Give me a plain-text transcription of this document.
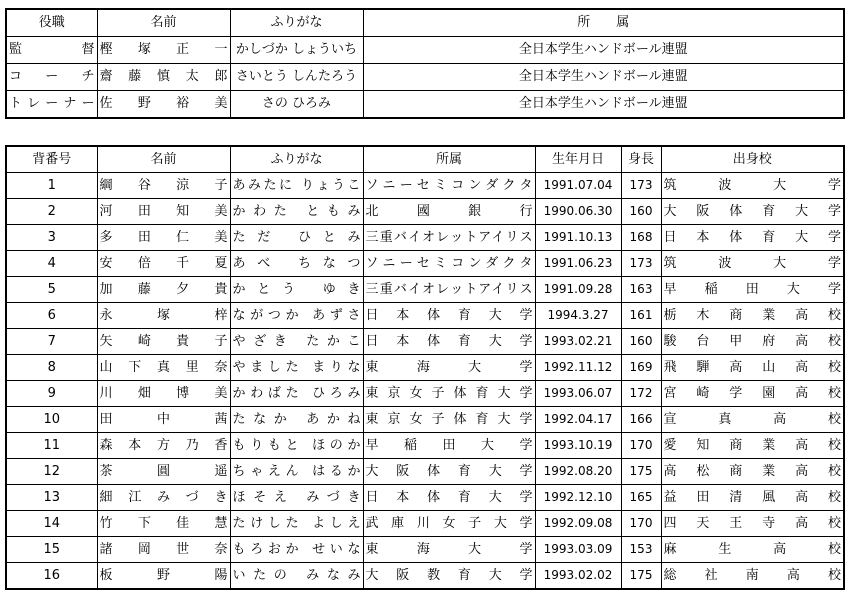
役職	名前	ふりがな	所　　属
監督	樫塚正一	かしづか しょういち	全日本学生ハンドボール連盟
コーチ	齋藤慎太郎	さいとう しんたろう	全日本学生ハンドボール連盟
トレーナー	佐野裕美	さの ひろみ	全日本学生ハンドボール連盟
背番号	名前	ふりがな	所属	生年月日	身長	出身校
1	綱谷涼子	あみたに りょうこ	ソニーセミコンダクタ	1991.07.04	173	筑波大学
2	河田知美	かわた ともみ	北國銀行	1990.06.30	160	大阪体育大学
3	多田仁美	ただ ひとみ	三重バイオレットアイリス	1991.10.13	168	日本体育大学
4	安倍千夏	あべ ちなつ	ソニーセミコンダクタ	1991.06.23	173	筑波大学
5	加藤夕貴	かとう ゆき	三重バイオレットアイリス	1991.09.28	163	早稲田大学
6	永塚梓	ながつか あずさ	日本体育大学	1994.3.27	161	栃木商業高校
7	矢崎貴子	やざき たかこ	日本体育大学	1993.02.21	160	駿台甲府高校
8	山下真里奈	やました まりな	東海大学	1992.11.12	169	飛騨高山高校
9	川畑博美	かわばた ひろみ	東京女子体育大学	1993.06.07	172	宮崎学園高校
10	田中茜	たなか あかね	東京女子体育大学	1992.04.17	166	宣真高校
11	森本方乃香	もりもと ほのか	早稲田大学	1993.10.19	170	愛知商業高校
12	茶圓遥	ちゃえん はるか	大阪体育大学	1992.08.20	175	高松商業高校
13	細江みづき	ほそえ みづき	日本体育大学	1992.12.10	165	益田清風高校
14	竹下佳慧	たけした よしえ	武庫川女子大学	1992.09.08	170	四天王寺高校
15	諸岡世奈	もろおか せいな	東海大学	1993.03.09	153	麻生高校
16	板野陽	いたの みなみ	大阪教育大学	1993.02.02	175	総社南高校
